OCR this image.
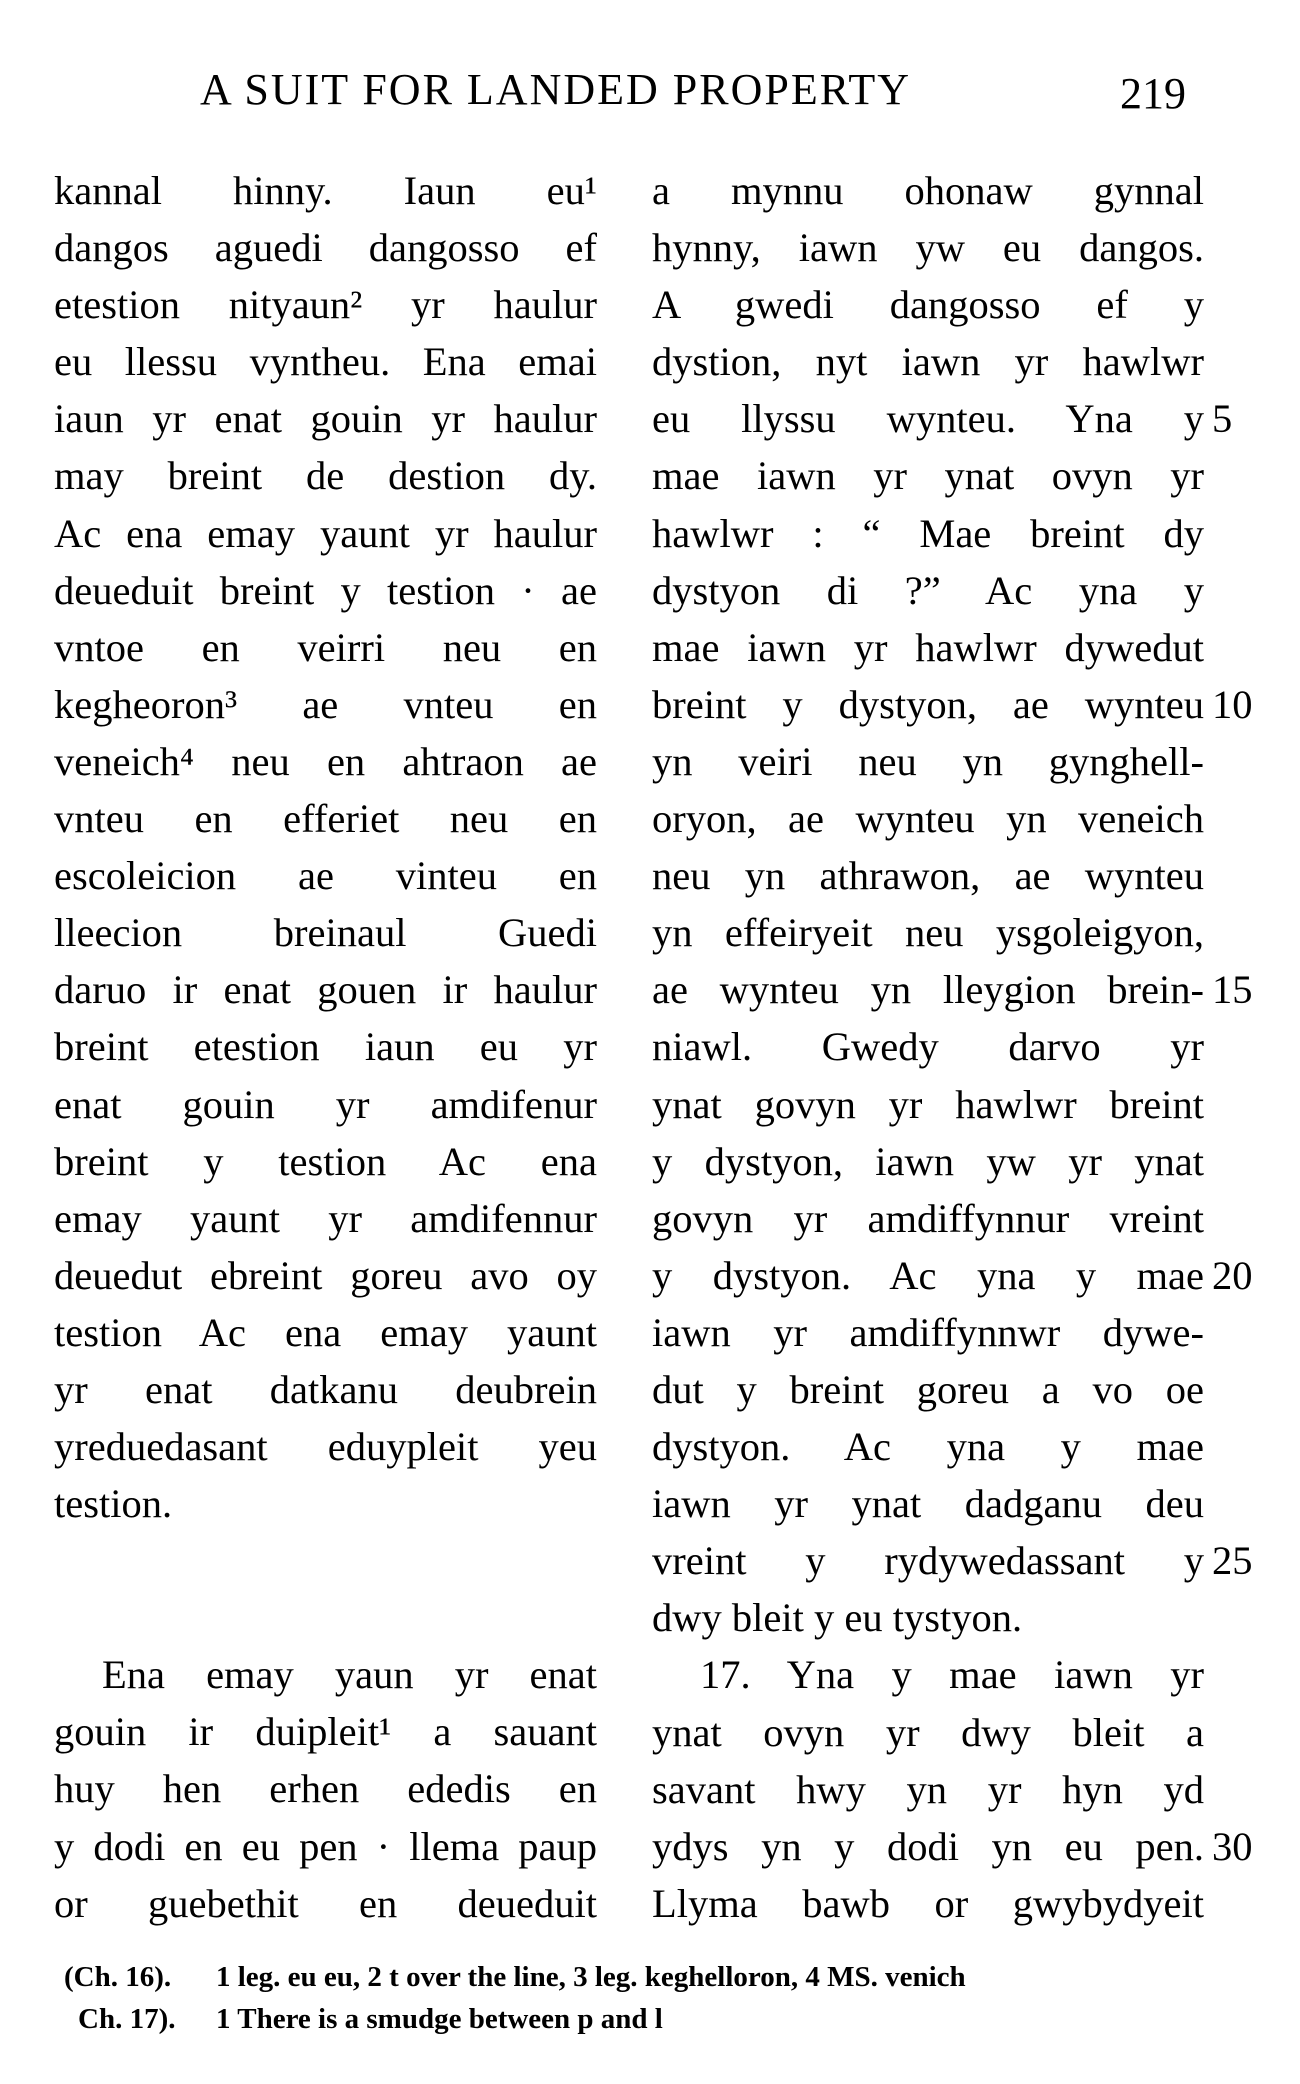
A SUIT FOR LANDED PROPERTY	219
kannal hinny. Iaun eu¹
dangos aguedi dangosso ef
etestion nityaun² yr haulur
eu llessu vyntheu. Ena emai
iaun yr enat gouin yr haulur
may breint de destion dy.
Ac ena emay yaunt yr haulur
deueduit breint y testion · ae
vntoe en veirri neu en
kegheoron³ ae vnteu en
veneich⁴ neu en ahtraon ae
vnteu en efferiet neu en
escoleicion ae vinteu en
lleecion breinaul Guedi
daruo ir enat gouen ir haulur
breint etestion iaun eu yr
enat gouin yr amdifenur
breint y testion Ac ena
emay yaunt yr amdifennur
deuedut ebreint goreu avo oy
testion Ac ena emay yaunt
yr enat datkanu deubrein
yreduedasant eduypleit yeu
testion.
Ena emay yaun yr enat
gouin ir duipleit¹ a sauant
huy hen erhen ededis en
y dodi en eu pen · llema paup
or guebethit en deueduit
a mynnu ohonaw gynnal
hynny, iawn yw eu dangos.
A gwedi dangosso ef y
dystion, nyt iawn yr hawlwr
eu llyssu wynteu. Yna y
mae iawn yr ynat ovyn yr
hawlwr : “ Mae breint dy
dystyon di ?” Ac yna y
mae iawn yr hawlwr dywedut
breint y dystyon, ae wynteu
yn veiri neu yn gynghell-
oryon, ae wynteu yn veneich
neu yn athrawon, ae wynteu
yn effeiryeit neu ysgoleigyon,
ae wynteu yn lleygion brein-
niawl. Gwedy darvo yr
ynat govyn yr hawlwr breint
y dystyon, iawn yw yr ynat
govyn yr amdiffynnur vreint
y dystyon. Ac yna y mae
iawn yr amdiffynnwr dywe-
dut y breint goreu a vo oe
dystyon. Ac yna y mae
iawn yr ynat dadganu deu
vreint y rydywedassant y
dwy bleit y eu tystyon.
17. Yna y mae iawn yr
ynat ovyn yr dwy bleit a
savant hwy yn yr hyn yd
ydys yn y dodi yn eu pen.
Llyma bawb or gwybydyeit
5
10
15
20
25
30
(Ch. 16). 1 leg. eu eu, 2 t over the line, 3 leg. keghelloron, 4 MS. venich
Ch. 17). 1 There is a smudge between p and l
